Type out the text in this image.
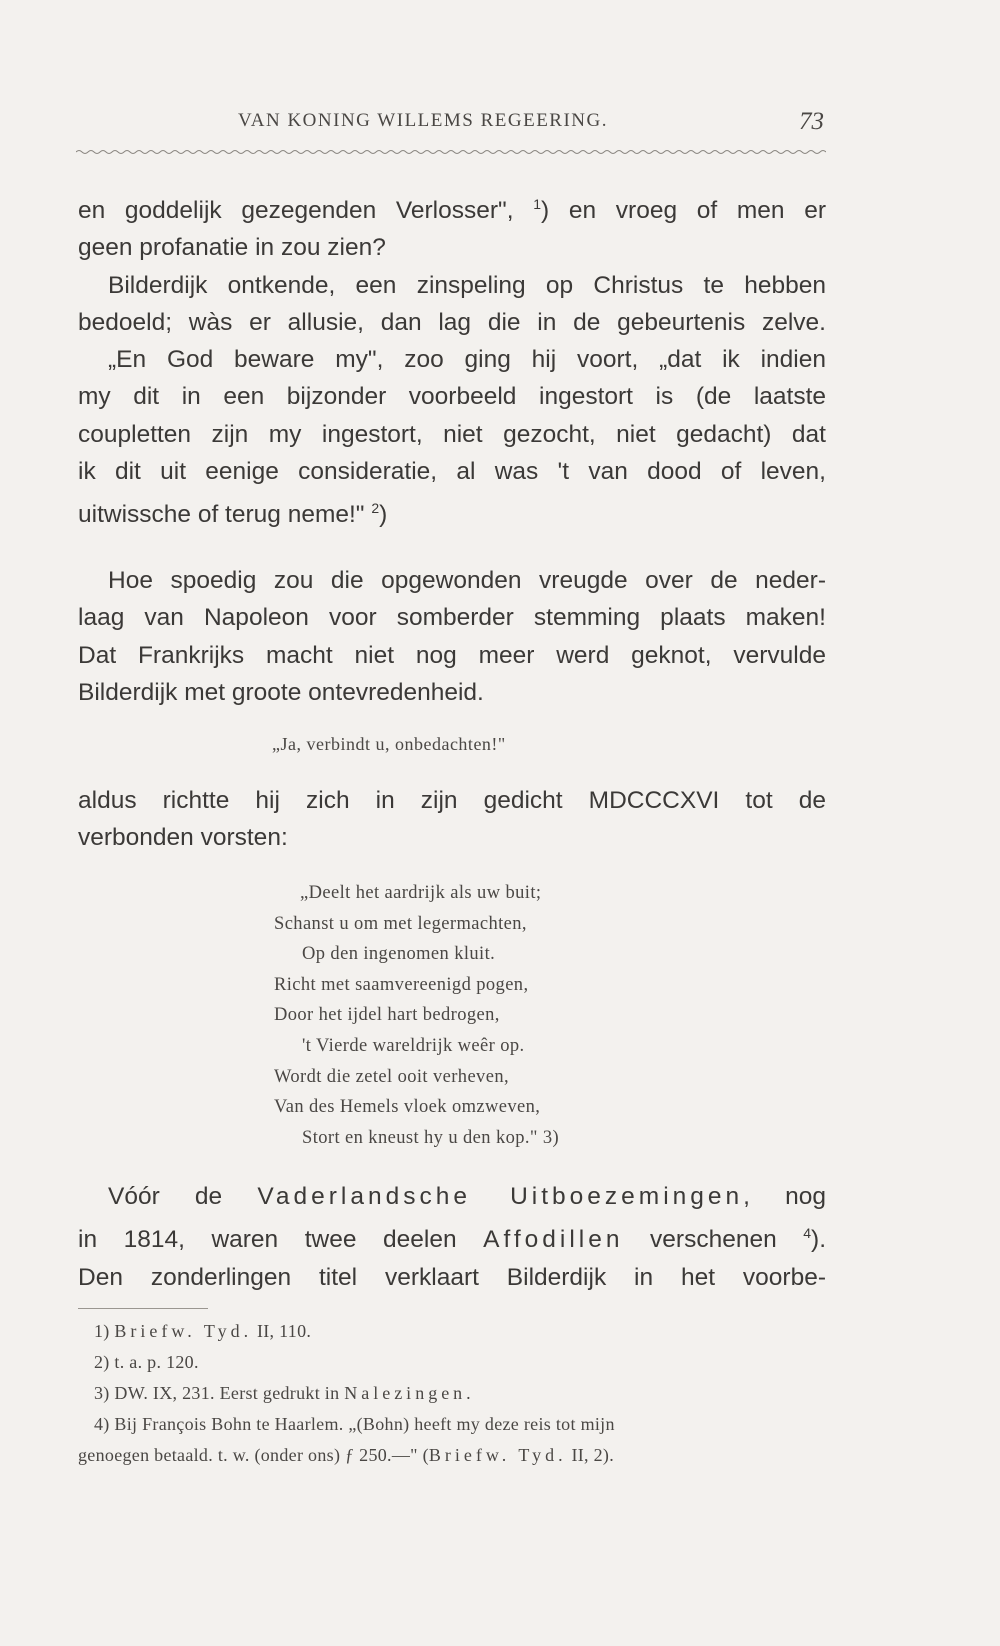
VAN KONING WILLEMS REGEERING.	73

en goddelijk gezegenden Verlosser", $^1$) en vroeg of men er

geen profanatie in zou zien?

Bilderdijk ontkende, een zinspeling op Christus te hebben

bedoeld; wàs er allusie, dan lag die in de gebeurtenis zelve.

„En God beware my", zoo ging hij voort, „dat ik indien

my dit in een bijzonder voorbeeld ingestort is (de laatste

coupletten zijn my ingestort, niet gezocht, niet gedacht) dat

ik dit uit eenige consideratie, al was 't van dood of leven,

uitwissche of terug neme!" $^2$)

Hoe spoedig zou die opgewonden vreugde over de neder-

laag van Napoleon voor somberder stemming plaats maken!

Dat Frankrijks macht niet nog meer werd geknot, vervulde

Bilderdijk met groote ontevredenheid.

„Ja, verbindt u, onbedachten!"

aldus richtte hij zich in zijn gedicht MDCCCXVI tot de

verbonden vorsten:

„Deelt het aardrijk als uw buit;
Schanst u om met legermachten,
Op den ingenomen kluit.
Richt met saamvereenigd pogen,
Door het ijdel hart bedrogen,
't Vierde wareldrijk weêr op.
Wordt die zetel ooit verheven,
Van des Hemels vloek omzweven,
Stort en kneust hy u den kop." 3)

Vóór de Vaderlandsche Uitboezemingen, nog

in 1814, waren twee deelen Affodillen verschenen $^4$).

Den zonderlingen titel verklaart Bilderdijk in het voorbe-

1) Briefw. Tyd. II, 110.
2) t. a. p. 120.
3) DW. IX, 231. Eerst gedrukt in Nalezingen.
4) Bij François Bohn te Haarlem. „(Bohn) heeft my deze reis tot mijn
genoegen betaald. t. w. (onder ons) ƒ 250.—" (Briefw. Tyd. II, 2).
